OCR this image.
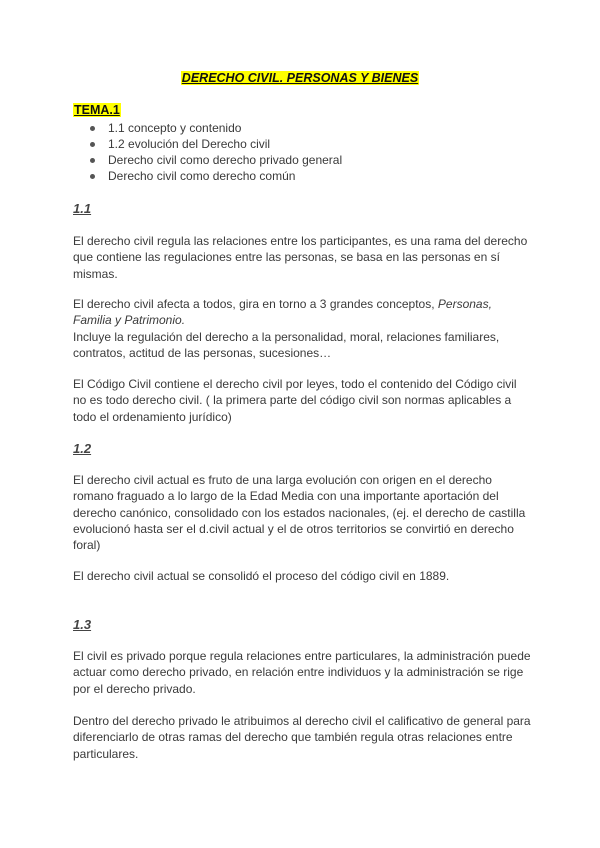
DERECHO CIVIL. PERSONAS Y BIENES
TEMA.1
1.1 concepto y contenido
1.2 evolución del Derecho civil
Derecho civil como derecho privado general
Derecho civil como derecho común
1.1

El derecho civil regula las relaciones entre los participantes, es una rama del derecho que contiene las regulaciones entre las personas, se basa en las personas en sí mismas.

El derecho civil afecta a todos, gira en torno a 3 grandes conceptos, Personas, Familia y Patrimonio.
Incluye la regulación del derecho a la personalidad, moral, relaciones familiares, contratos, actitud de las personas, sucesiones…

El Código Civil contiene el derecho civil por leyes, todo el contenido del Código civil no es todo derecho civil. ( la primera parte del código civil son normas aplicables a todo el ordenamiento jurídico)

1.2

El derecho civil actual es fruto de una larga evolución con origen en el derecho romano fraguado a lo largo de la Edad Media con una importante aportación del derecho canónico, consolidado con los estados nacionales, (ej. el derecho de castilla evolucionó hasta ser el d.civil actual y el de otros territorios se convirtió en derecho foral)

El derecho civil actual se consolidó el proceso del código civil en 1889.

1.3

El civil es privado porque regula relaciones entre particulares, la administración puede actuar como derecho privado, en relación entre individuos y la administración se rige por el derecho privado.

Dentro del derecho privado le atribuimos al derecho civil el calificativo de general para diferenciarlo de otras ramas del derecho que también regula otras relaciones entre particulares.
